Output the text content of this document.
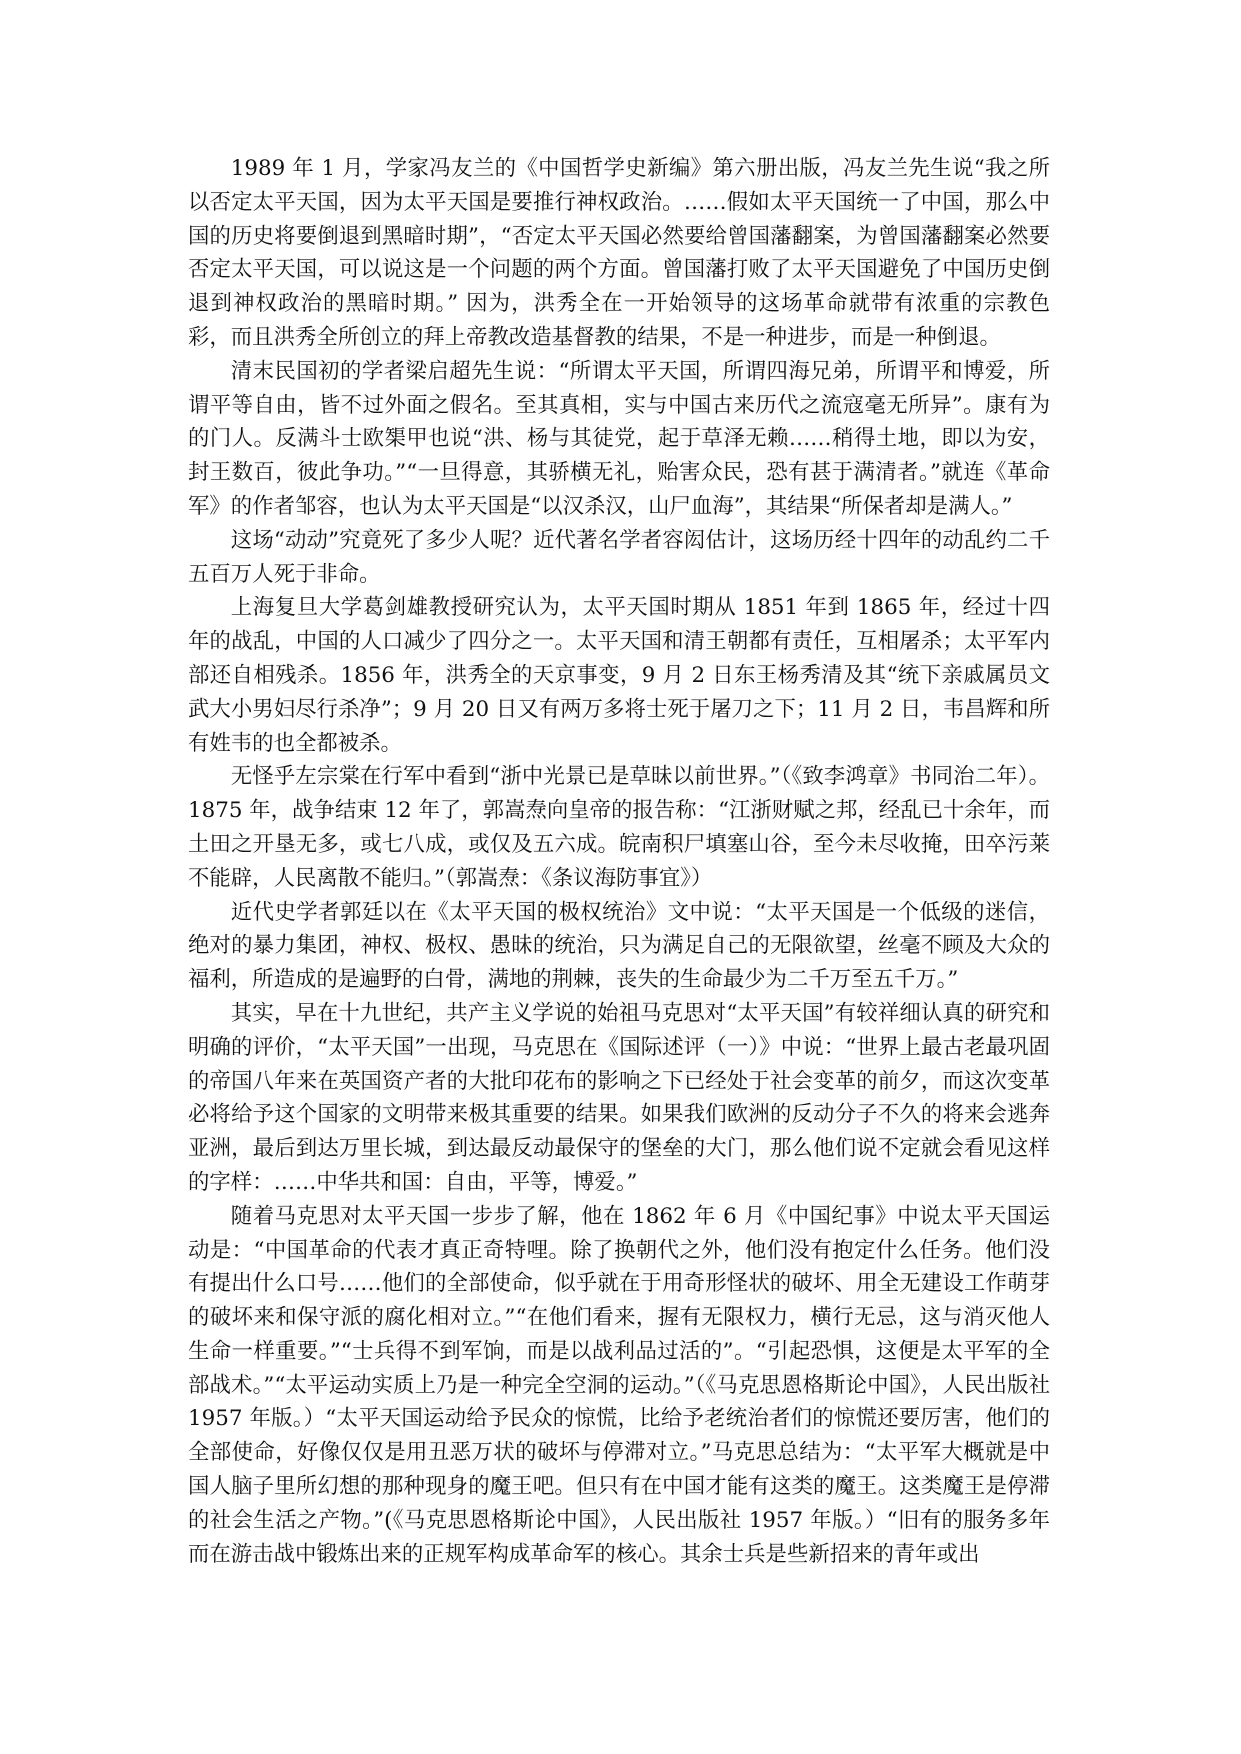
1989 年 1 月，学家冯友兰的《中国哲学史新编》第六册出版，冯友兰先生说“我之所以否定太平天国，因为太平天国是要推行神权政治。……假如太平天国统一了中国，那么中国的历史将要倒退到黑暗时期”，“否定太平天国必然要给曾国藩翻案，为曾国藩翻案必然要否定太平天国，可以说这是一个问题的两个方面。曾国藩打败了太平天国避免了中国历史倒退到神权政治的黑暗时期。” 因为，洪秀全在一开始领导的这场革命就带有浓重的宗教色彩，而且洪秀全所创立的拜上帝教改造基督教的结果，不是一种进步，而是一种倒退。

清末民国初的学者梁启超先生说：“所谓太平天国，所谓四海兄弟，所谓平和博爱，所谓平等自由，皆不过外面之假名。至其真相，实与中国古来历代之流寇毫无所异”。康有为的门人。反满斗士欧榘甲也说“洪、杨与其徒党，起于草泽无赖……稍得土地，即以为安，封王数百，彼此争功。”“一旦得意，其骄横无礼，贻害众民，恐有甚于满清者。”就连《革命军》的作者邹容，也认为太平天国是“以汉杀汉，山尸血海”，其结果“所保者却是满人。”

这场“动动”究竟死了多少人呢？近代著名学者容闳估计，这场历经十四年的动乱约二千五百万人死于非命。

上海复旦大学葛剑雄教授研究认为，太平天国时期从 1851 年到 1865 年，经过十四年的战乱，中国的人口减少了四分之一。太平天国和清王朝都有责任，互相屠杀；太平军内部还自相残杀。1856 年，洪秀全的天京事变，9 月 2 日东王杨秀清及其“统下亲戚属员文武大小男妇尽行杀净”；9 月 20 日又有两万多将士死于屠刀之下；11 月 2 日，韦昌辉和所有姓韦的也全都被杀。

无怪乎左宗棠在行军中看到“浙中光景已是草昧以前世界。”（《致李鸿章》书同治二年）。1875 年，战争结束 12 年了，郭嵩焘向皇帝的报告称：“江浙财赋之邦，经乱已十余年，而土田之开垦无多，或七八成，或仅及五六成。皖南积尸填塞山谷，至今未尽收掩，田卒污莱不能辟，人民离散不能归。”（郭嵩焘：《条议海防事宜》）

近代史学者郭廷以在《太平天国的极权统治》文中说：“太平天国是一个低级的迷信，绝对的暴力集团，神权、极权、愚昧的统治，只为满足自己的无限欲望，丝毫不顾及大众的福利，所造成的是遍野的白骨，满地的荆棘，丧失的生命最少为二千万至五千万。”

其实，早在十九世纪，共产主义学说的始祖马克思对“太平天国”有较祥细认真的研究和明确的评价，“太平天国”一出现，马克思在《国际述评（一）》中说：“世界上最古老最巩固的帝国八年来在英国资产者的大批印花布的影响之下已经处于社会变革的前夕，而这次变革必将给予这个国家的文明带来极其重要的结果。如果我们欧洲的反动分子不久的将来会逃奔亚洲，最后到达万里长城，到达最反动最保守的堡垒的大门，那么他们说不定就会看见这样的字样：……中华共和国：自由，平等，博爱。”

随着马克思对太平天国一步步了解，他在 1862 年 6 月《中国纪事》中说太平天国运动是：“中国革命的代表才真正奇特哩。除了换朝代之外，他们没有抱定什么任务。他们没有提出什么口号……他们的全部使命，似乎就在于用奇形怪状的破坏、用全无建设工作萌芽的破坏来和保守派的腐化相对立。”“在他们看来，握有无限权力，横行无忌，这与消灭他人生命一样重要。”“士兵得不到军饷，而是以战利品过活的”。“引起恐惧，这便是太平军的全部战术。”“太平运动实质上乃是一种完全空洞的运动。”（《马克思恩格斯论中国》，人民出版社 1957 年版。）“太平天国运动给予民众的惊慌，比给予老统治者们的惊慌还要厉害，他们的全部使命，好像仅仅是用丑恶万状的破坏与停滞对立。”马克思总结为：“太平军大概就是中国人脑子里所幻想的那种现身的魔王吧。但只有在中国才能有这类的魔王。这类魔王是停滞的社会生活之产物。”(《马克思恩格斯论中国》，人民出版社 1957 年版。）“旧有的服务多年而在游击战中锻炼出来的正规军构成革命军的核心。其余士兵是些新招来的青年或出
